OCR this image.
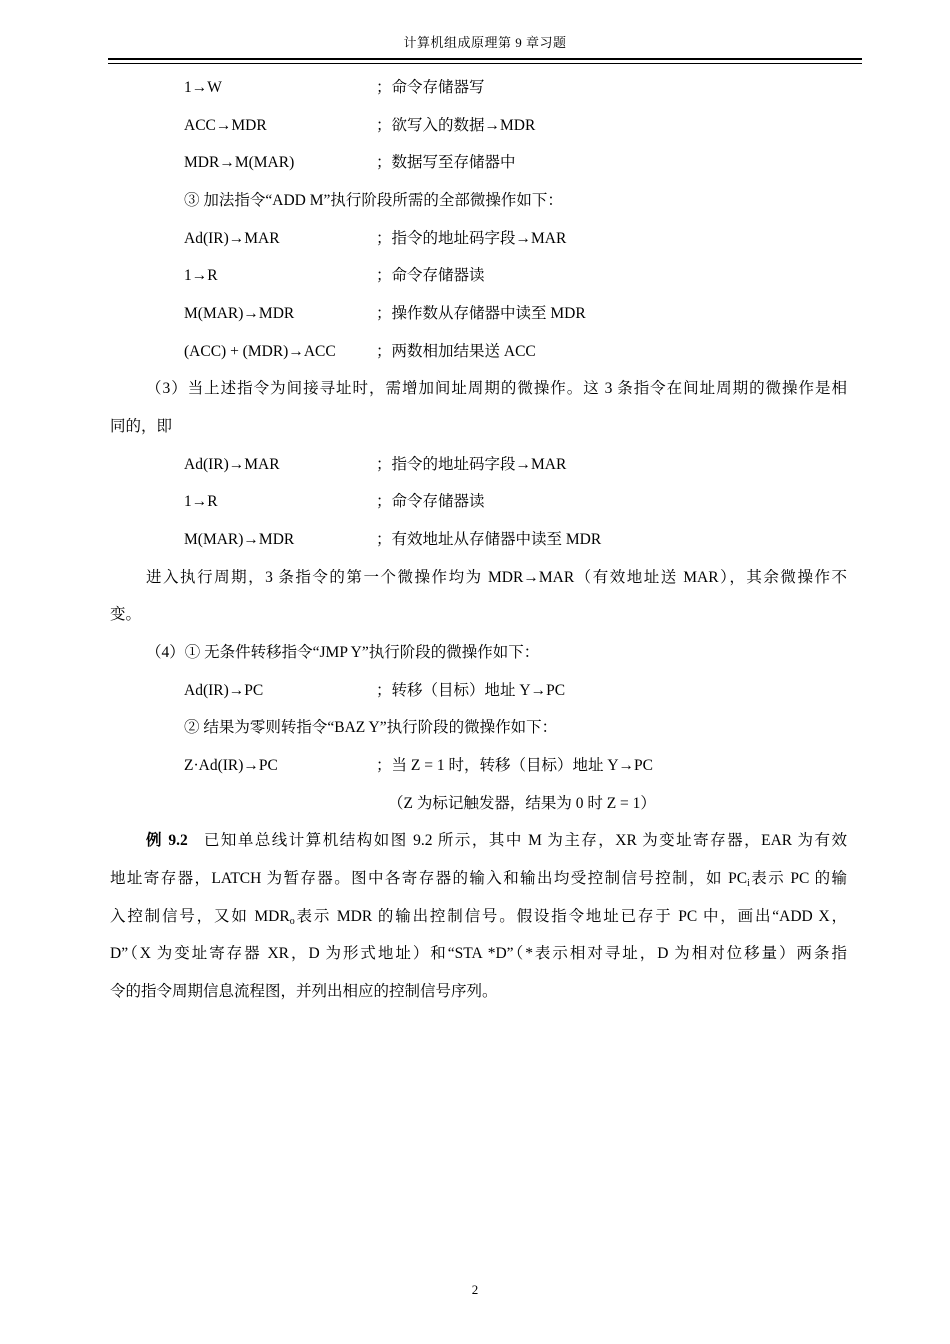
计算机组成原理第 9 章习题
1→W	；命令存储器写
ACC→MDR	；欲写入的数据→MDR
MDR→M(MAR)	；数据写至存储器中
③ 加法指令“ADD M”执行阶段所需的全部微操作如下：
Ad(IR)→MAR	；指令的地址码字段→MAR
1→R	；命令存储器读
M(MAR)→MDR	；操作数从存储器中读至 MDR
(ACC) + (MDR)→ACC	；两数相加结果送 ACC
（3）当上述指令为间接寻址时，需增加间址周期的微操作。这 3 条指令在间址周期的微操作是相
同的，即
Ad(IR)→MAR	；指令的地址码字段→MAR
1→R	；命令存储器读
M(MAR)→MDR	；有效地址从存储器中读至 MDR
进入执行周期，3 条指令的第一个微操作均为 MDR→MAR（有效地址送 MAR），其余微操作不
变。
（4）① 无条件转移指令“JMP Y”执行阶段的微操作如下：
Ad(IR)→PC	；转移（目标）地址 Y→PC
② 结果为零则转指令“BAZ Y”执行阶段的微操作如下：
Z·Ad(IR)→PC	；当 Z = 1 时，转移（目标）地址 Y→PC
（Z 为标记触发器，结果为 0 时 Z = 1）
例 9.2 已知单总线计算机结构如图 9.2 所示，其中 M 为主存，XR 为变址寄存器，EAR 为有效
地址寄存器，LATCH 为暂存器。图中各寄存器的输入和输出均受控制信号控制，如 $PC_i$表示 PC 的输
入控制信号，又如 $MDR_o$表示 MDR 的输出控制信号。假设指令地址已存于 PC 中，画出“ADD X，
D”（X 为变址寄存器 XR，D 为形式地址）和“STA *D”（*表示相对寻址，D 为相对位移量）两条指
令的指令周期信息流程图，并列出相应的控制信号序列。
2
